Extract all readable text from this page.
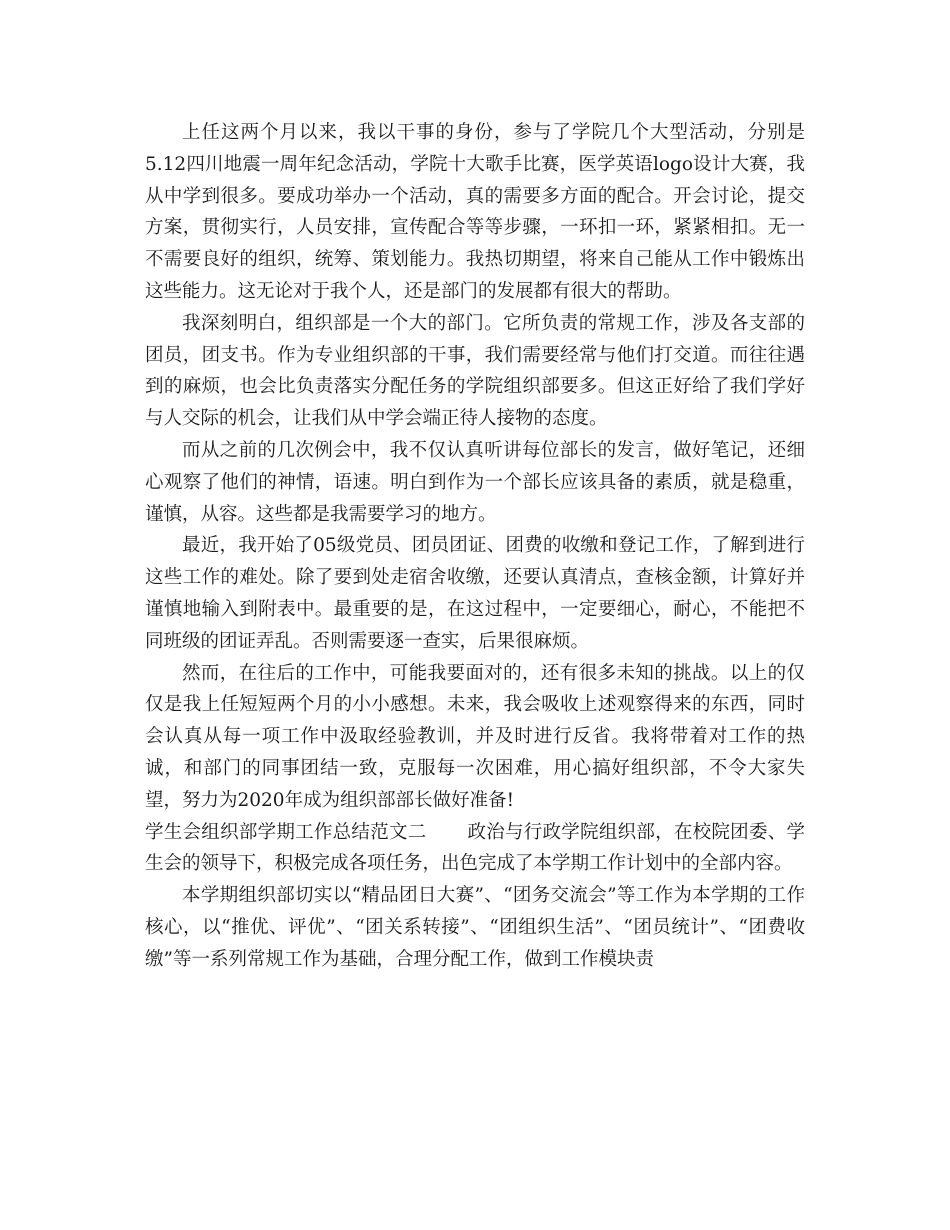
上任这两个月以来，我以干事的身份，参与了学院几个大型活动，分别是5.12四川地震一周年纪念活动，学院十大歌手比赛，医学英语logo设计大赛，我从中学到很多。要成功举办一个活动，真的需要多方面的配合。开会讨论，提交方案，贯彻实行，人员安排，宣传配合等等步骤，一环扣一环，紧紧相扣。无一不需要良好的组织，统筹、策划能力。我热切期望，将来自己能从工作中锻炼出这些能力。这无论对于我个人，还是部门的发展都有很大的帮助。

我深刻明白，组织部是一个大的部门。它所负责的常规工作，涉及各支部的团员，团支书。作为专业组织部的干事，我们需要经常与他们打交道。而往往遇到的麻烦，也会比负责落实分配任务的学院组织部要多。但这正好给了我们学好与人交际的机会，让我们从中学会端正待人接物的态度。

而从之前的几次例会中，我不仅认真听讲每位部长的发言，做好笔记，还细心观察了他们的神情，语速。明白到作为一个部长应该具备的素质，就是稳重，谨慎，从容。这些都是我需要学习的地方。

最近，我开始了05级党员、团员团证、团费的收缴和登记工作，了解到进行这些工作的难处。除了要到处走宿舍收缴，还要认真清点，查核金额，计算好并谨慎地输入到附表中。最重要的是，在这过程中，一定要细心，耐心，不能把不同班级的团证弄乱。否则需要逐一查实，后果很麻烦。

然而，在往后的工作中，可能我要面对的，还有很多未知的挑战。以上的仅仅是我上任短短两个月的小小感想。未来，我会吸收上述观察得来的东西，同时会认真从每一项工作中汲取经验教训，并及时进行反省。我将带着对工作的热诚，和部门的同事团结一致，克服每一次困难，用心搞好组织部，不令大家失望，努力为2020年成为组织部部长做好准备!

学生会组织部学期工作总结范文二 政治与行政学院组织部，在校院团委、学生会的领导下，积极完成各项任务，出色完成了本学期工作计划中的全部内容。

本学期组织部切实以“精品团日大赛”、“团务交流会”等工作为本学期的工作核心，以“推优、评优”、“团关系转接”、“团组织生活”、“团员统计”、“团费收缴”等一系列常规工作为基础，合理分配工作，做到工作模块责
